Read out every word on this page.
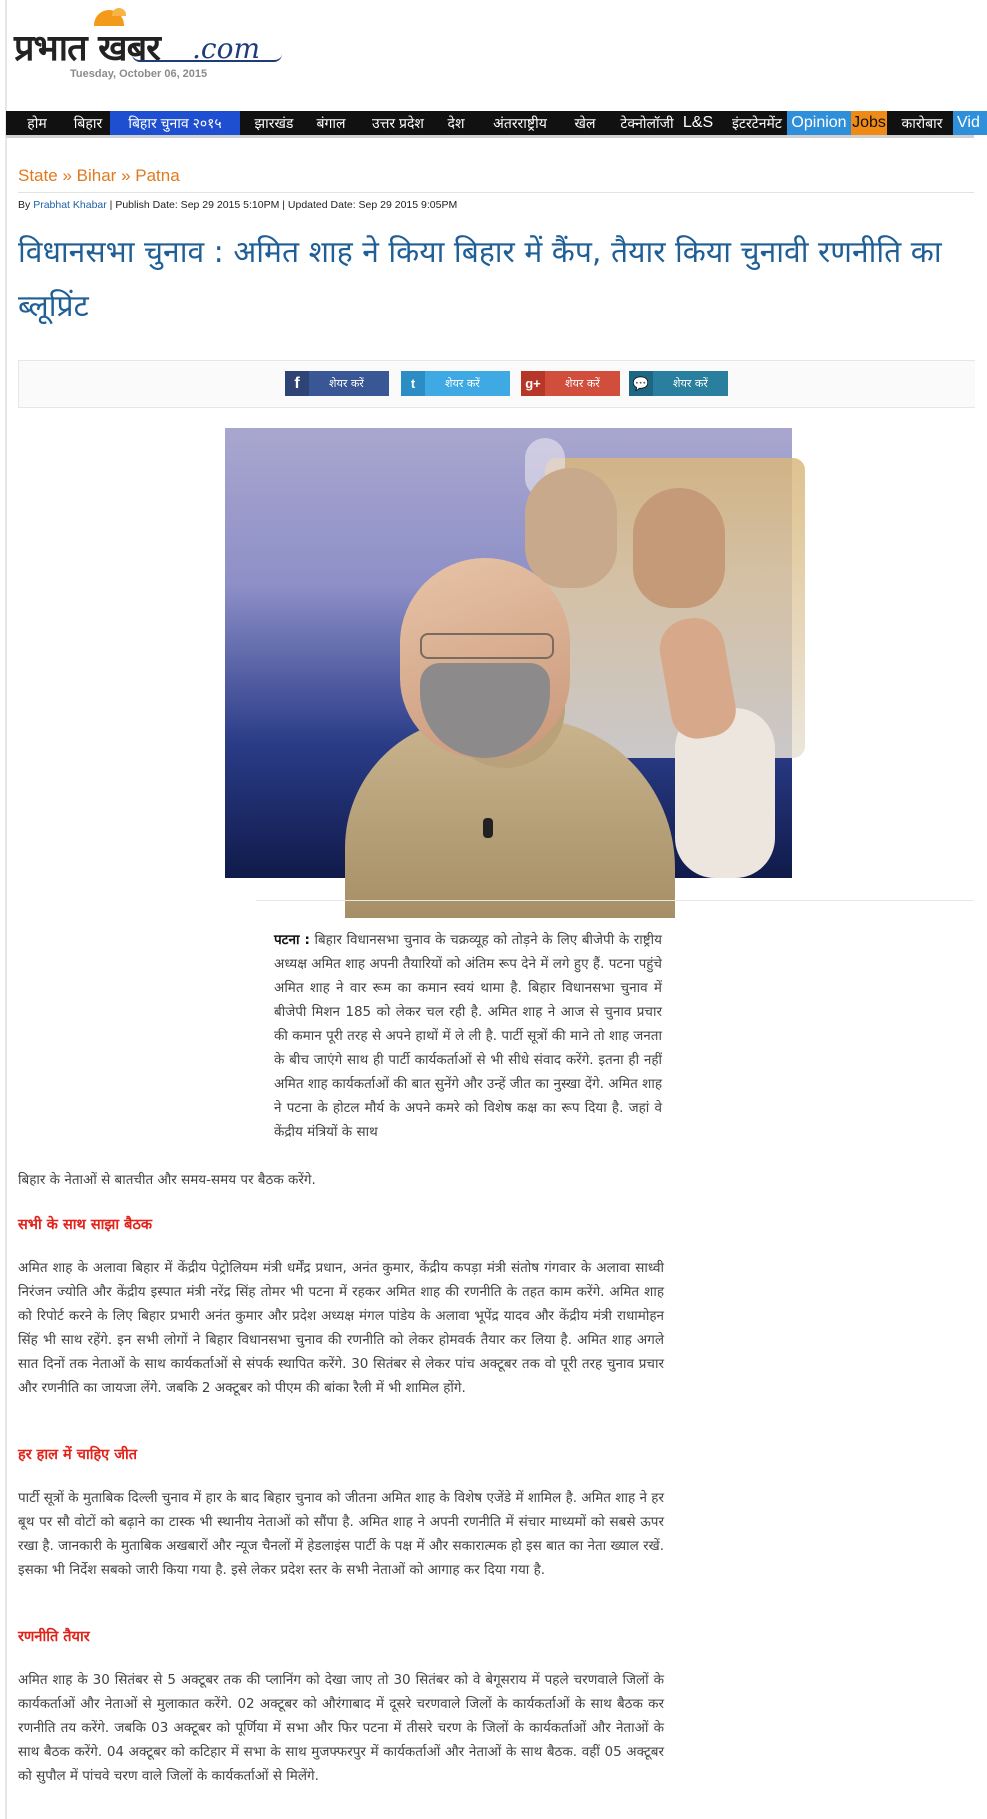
प्रभात खबर .com
Tuesday, October 06, 2015
होम	बिहार	बिहार चुनाव २०१५	झारखंड	बंगाल	उत्तर प्रदेश	देश	अंतरराष्ट्रीय	खेल	टेक्नोलॉजी L&S	इंटरटेनमेंट Opinion Jobs	कारोबार Vid
State » Bihar » Patna
By Prabhat Khabar | Publish Date: Sep 29 2015 5:10PM | Updated Date: Sep 29 2015 9:05PM
विधानसभा चुनाव : अमित शाह ने किया बिहार में कैंप, तैयार किया चुनावी रणनीति का ब्लूप्रिंट
f	शेयर करें	t	शेयर करें	g+	शेयर करें	💬	शेयर करें

पटना : बिहार विधानसभा चुनाव के चक्रव्यूह को तोड़ने के लिए बीजेपी के राष्ट्रीय अध्यक्ष अमित शाह अपनी तैयारियों को अंतिम रूप देने में लगे हुए हैं. पटना पहुंचे अमित शाह ने वार रूम का कमान स्वयं थामा है. बिहार विधानसभा चुनाव में बीजेपी मिशन 185 को लेकर चल रही है. अमित शाह ने आज से चुनाव प्रचार की कमान पूरी तरह से अपने हाथों में ले ली है. पार्टी सूत्रों की माने तो शाह जनता के बीच जाएंगे साथ ही पार्टी कार्यकर्ताओं से भी सीधे संवाद करेंगे. इतना ही नहीं अमित शाह कार्यकर्ताओं की बात सुनेंगे और उन्हें जीत का नुस्खा देंगे. अमित शाह ने पटना के होटल मौर्य के अपने कमरे को विशेष कक्ष का रूप दिया है. जहां वे केंद्रीय मंत्रियों के साथ

बिहार के नेताओं से बातचीत और समय-समय पर बैठक करेंगे.

सभी के साथ साझा बैठक

अमित शाह के अलावा बिहार में केंद्रीय पेट्रोलियम मंत्री धर्मेंद्र प्रधान, अनंत कुमार, केंद्रीय कपड़ा मंत्री संतोष गंगवार के अलावा साध्वी निरंजन ज्योति और केंद्रीय इस्पात मंत्री नरेंद्र सिंह तोमर भी पटना में रहकर अमित शाह की रणनीति के तहत काम करेंगे. अमित शाह को रिपोर्ट करने के लिए बिहार प्रभारी अनंत कुमार और प्रदेश अध्यक्ष मंगल पांडेय के अलावा भूपेंद्र यादव और केंद्रीय मंत्री राधामोहन सिंह भी साथ रहेंगे. इन सभी लोगों ने बिहार विधानसभा चुनाव की रणनीति को लेकर होमवर्क तैयार कर लिया है. अमित शाह अगले सात दिनों तक नेताओं के साथ कार्यकर्ताओं से संपर्क स्थापित करेंगे. 30 सितंबर से लेकर पांच अक्टूबर तक वो पूरी तरह चुनाव प्रचार और रणनीति का जायजा लेंगे. जबकि 2 अक्टूबर को पीएम की बांका रैली में भी शामिल होंगे.

हर हाल में चाहिए जीत

पार्टी सूत्रों के मुताबिक दिल्ली चुनाव में हार के बाद बिहार चुनाव को जीतना अमित शाह के विशेष एजेंडे में शामिल है. अमित शाह ने हर बूथ पर सौ वोटों को बढ़ाने का टास्क भी स्थानीय नेताओं को सौंपा है. अमित शाह ने अपनी रणनीति में संचार माध्यमों को सबसे ऊपर रखा है. जानकारी के मुताबिक अखबारों और न्यूज चैनलों में हेडलाइंस पार्टी के पक्ष में और सकारात्मक हो इस बात का नेता ख्याल रखें. इसका भी निर्देश सबको जारी किया गया है. इसे लेकर प्रदेश स्तर के सभी नेताओं को आगाह कर दिया गया है.

रणनीति तैयार

अमित शाह के 30 सितंबर से 5 अक्टूबर तक की प्लानिंग को देखा जाए तो 30 सितंबर को वे बेगूसराय में पहले चरणवाले जिलों के कार्यकर्ताओं और नेताओं से मुलाकात करेंगे. 02 अक्टूबर को औरंगाबाद में दूसरे चरणवाले जिलों के कार्यकर्ताओं के साथ बैठक कर रणनीति तय करेंगे. जबकि 03 अक्टूबर को पूर्णिया में सभा और फिर पटना में तीसरे चरण के जिलों के कार्यकर्ताओं और नेताओं के साथ बैठक करेंगे. 04 अक्टूबर को कटिहार में सभा के साथ मुजफ्फरपुर में कार्यकर्ताओं और नेताओं के साथ बैठक. वहीं 05 अक्टूबर को सुपौल में पांचवे चरण वाले जिलों के कार्यकर्ताओं से मिलेंगे.
